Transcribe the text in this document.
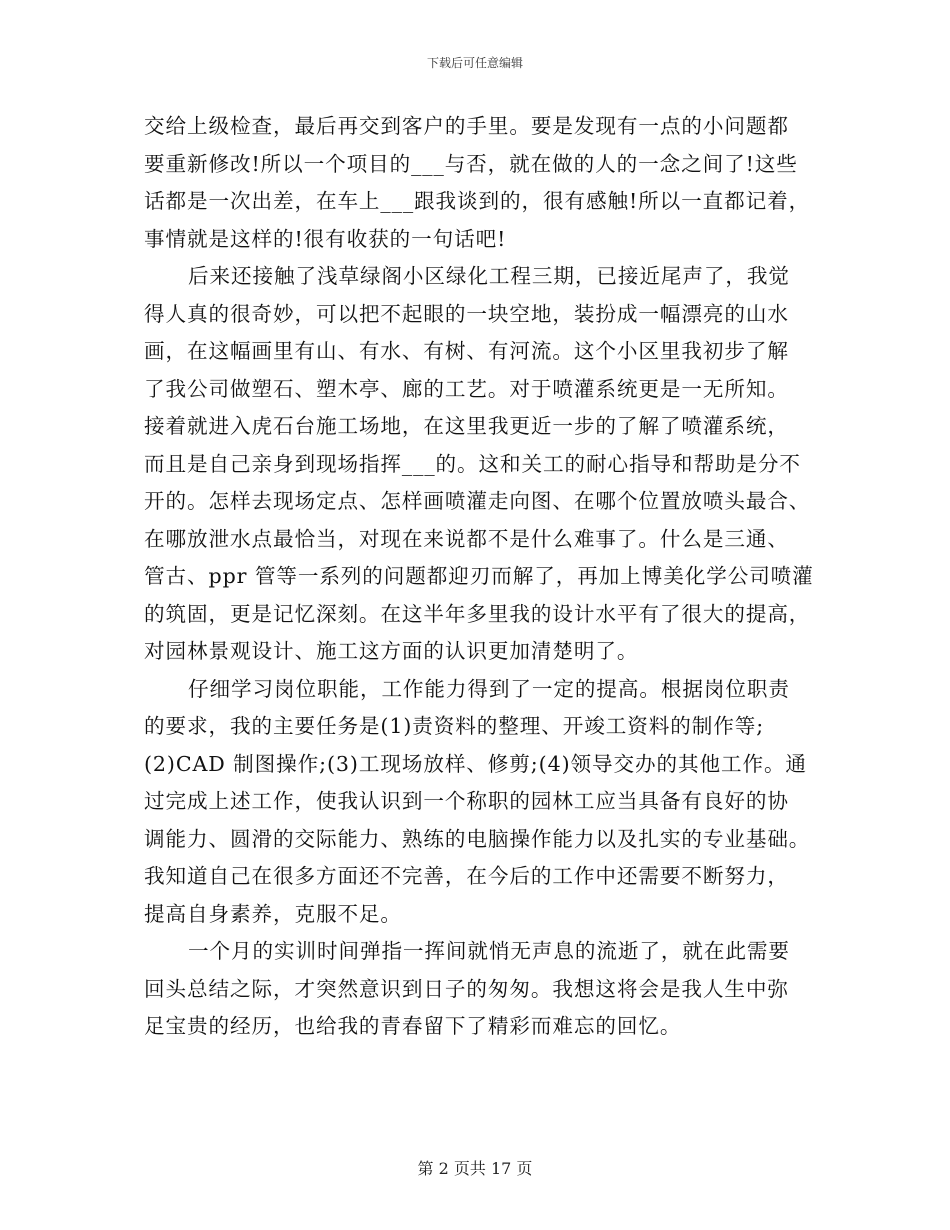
下载后可任意编辑
交给上级检查，最后再交到客户的手里。要是发现有一点的小问题都
要重新修改!所以一个项目的___与否，就在做的人的一念之间了!这些
话都是一次出差，在车上___跟我谈到的，很有感触!所以一直都记着，
事情就是这样的!很有收获的一句话吧!
后来还接触了浅草绿阁小区绿化工程三期，已接近尾声了，我觉
得人真的很奇妙，可以把不起眼的一块空地，装扮成一幅漂亮的山水
画，在这幅画里有山、有水、有树、有河流。这个小区里我初步了解
了我公司做塑石、塑木亭、廊的工艺。对于喷灌系统更是一无所知。
接着就进入虎石台施工场地，在这里我更近一步的了解了喷灌系统，
而且是自己亲身到现场指挥___的。这和关工的耐心指导和帮助是分不
开的。怎样去现场定点、怎样画喷灌走向图、在哪个位置放喷头最合、
在哪放泄水点最恰当，对现在来说都不是什么难事了。什么是三通、
管古、ppr 管等一系列的问题都迎刃而解了，再加上博美化学公司喷灌
的筑固，更是记忆深刻。在这半年多里我的设计水平有了很大的提高，
对园林景观设计、施工这方面的认识更加清楚明了。
仔细学习岗位职能，工作能力得到了一定的提高。根据岗位职责
的要求，我的主要任务是(1)责资料的整理、开竣工资料的制作等;
(2)CAD 制图操作;(3)工现场放样、修剪;(4)领导交办的其他工作。通
过完成上述工作，使我认识到一个称职的园林工应当具备有良好的协
调能力、圆滑的交际能力、熟练的电脑操作能力以及扎实的专业基础。
我知道自己在很多方面还不完善，在今后的工作中还需要不断努力，
提高自身素养，克服不足。
一个月的实训时间弹指一挥间就悄无声息的流逝了，就在此需要
回头总结之际，才突然意识到日子的匆匆。我想这将会是我人生中弥
足宝贵的经历，也给我的青春留下了精彩而难忘的回忆。
第 2 页共 17 页
